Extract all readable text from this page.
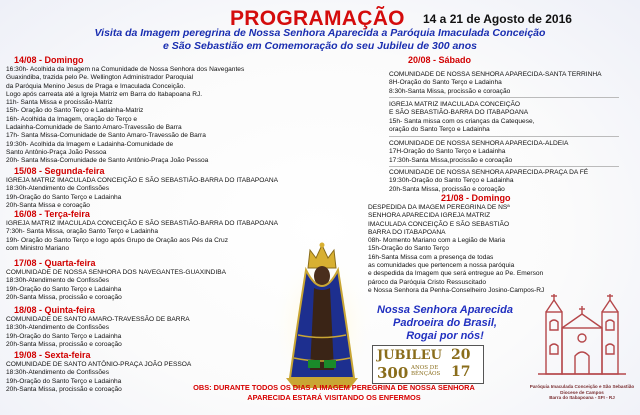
PROGRAMAÇÃO 14 a 21 de Agosto de 2016
Visita da Imagem peregrina de Nossa Senhora Aparecida a Paróquia Imaculada Conceição
e São Sebastião em Comemoração do seu Jubileu de 300 anos
14/08 - Domingo
16:30h- Acolhida da Imagem na Comunidade de Nossa Senhora dos Navegantes
Guaxindiba, trazida pelo Pe. Wellington Administrador Paroquial
da Paróquia Menino Jesus de Praga e Imaculada Conceição.
Logo após carreata até a Igreja Matriz em Barra do Itabapoana RJ.
11h- Santa Missa e procissão-Matriz
15h- Oração do Santo Terço e Ladainha-Matriz
16h- Acolhida da Imagem, oração do Terço e
Ladainha-Comunidade de Santo Amaro-Travessão de Barra
17h- Santa Missa-Comunidade de Santo Amaro-Travessão de Barra
19:30h- Acolhida da Imagem e Ladainha-Comunidade de
Santo Antônio-Praça João Pessoa
20h- Santa Missa-Comunidade de Santo Antônio-Praça João Pessoa
15/08 - Segunda-feira
IGREJA MATRIZ IMACULADA CONCEIÇÃO E SÃO SEBASTIÃO-BARRA DO ITABAPOANA
18:30h-Atendimento de Confissões
19h-Oração do Santo Terço e Ladainha
20h-Santa Missa e coroação
16/08 - Terça-feira
IGREJA MATRIZ IMACULADA CONCEIÇÃO E SÃO SEBASTIÃO-BARRA DO ITABAPOANA
7:30h- Santa Missa, oração Santo Terço e Ladainha
19h- Oração do Santo Terço e logo após Grupo de Oração aos Pés da Cruz
com Ministro Mariano
17/08 - Quarta-feira
COMUNIDADE DE NOSSA SENHORA DOS NAVEGANTES-GUAXINDIBA
18:30h-Atendimento de Confissões
19h-Oração do Santo Terço e Ladainha
20h-Santa Missa, procissão e coroação
18/08 - Quinta-feira
COMUNIDADE DE SANTO AMARO-TRAVESSÃO DE BARRA
18:30h-Atendimento de Confissões
19h-Oração do Santo Terço e Ladainha
20h-Santa Missa, procissão e coroação
19/08 - Sexta-feira
COMUNIDADE DE SANTO ANTÔNIO-PRAÇA JOÃO PESSOA
18:30h-Atendimento de Confissões
19h-Oração do Santo Terço e Ladainha
20h-Santa Missa, procissão e coroação
20/08 - Sábado
COMUNIDADE DE NOSSA SENHORA APARECIDA-SANTA TERRINHA
8H-Oração do Santo Terço e Ladainha
8:30h-Santa Missa, procissão e coroação
IGREJA MATRIZ IMACULADA CONCEIÇÃO
E SÃO SEBASTIÃO-BARRA DO ITABAPOANA
15h- Santa missa com os crianças da Catequese,
oração do Santo Terço e Ladainha
COMUNIDADE DE NOSSA SENHORA APARECIDA-ALDEIA
17H-Oração do Santo Terço e Ladainha
17:30h-Santa Missa,procissão e coroação
COMUNIDADE DE NOSSA SENHORA APARECIDA-PRAÇA DA FÉ
19:30h-Oração do Santo Terço e Ladainha
20h-Santa Missa, procissão e coroação
21/08 - Domingo
DESPEDIDA DA IMAGEM PEREGRINA DE NSª
SENHORA APARECIDA IGREJA MATRIZ
IMACULADA CONCEIÇÃO E SÃO SEBASTIÃO
BARRA DO ITABAPOANA
08h- Momento Mariano com a Legião de Maria
15h-Oração do Santo Terço
16h-Santa Missa com a presença de todas
as comunidades que pertencem a nossa paróquia
e despedida da Imagem que será entregue ao Pe. Emerson
pároco da Paróquia Cristo Ressuscitado
e Nossa Senhora da Penha-Conselheiro Josino-Campos-RJ
Nossa Senhora Aparecida
Padroeira do Brasil,
Rogai por nós!
JUBILEU 20
300 ANOS DE
BÊNÇÃOS 17
Paróquia Imaculada Conceição e São Sebastião
Diocese de Campos
Barra do Itabapoana - SFI - RJ
OBS: DURANTE TODOS OS DIAS A IMAGEM PEREGRINA DE NOSSA SENHORA
APARECIDA ESTARÁ VISITANDO OS ENFERMOS
